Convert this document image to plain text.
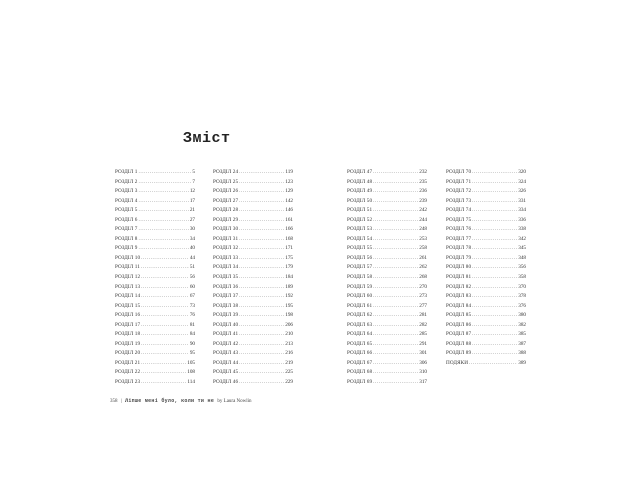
Зміст
РОЗДІЛ 1 .....	5
РОЗДІЛ 2 .....	7
РОЗДІЛ 3 .....	12
РОЗДІЛ 4 .....	17
РОЗДІЛ 5 .....	21
РОЗДІЛ 6 .....	27
РОЗДІЛ 7 .....	30
РОЗДІЛ 8 .....	34
РОЗДІЛ 9 .....	40
РОЗДІЛ 10 .....	44
РОЗДІЛ 11 .....	51
РОЗДІЛ 12 .....	56
РОЗДІЛ 13 .....	60
РОЗДІЛ 14 .....	67
РОЗДІЛ 15 .....	73
РОЗДІЛ 16 .....	76
РОЗДІЛ 17 .....	81
РОЗДІЛ 18 .....	84
РОЗДІЛ 19 .....	90
РОЗДІЛ 20 .....	95
РОЗДІЛ 21 .....	105
РОЗДІЛ 22 .....	108
РОЗДІЛ 23 .....	114
РОЗДІЛ 24 .....	119
РОЗДІЛ 25 .....	123
РОЗДІЛ 26 .....	129
РОЗДІЛ 27 .....	142
РОЗДІЛ 28 .....	146
РОЗДІЛ 29 .....	161
РОЗДІЛ 30 .....	166
РОЗДІЛ 31 .....	168
РОЗДІЛ 32 .....	171
РОЗДІЛ 33 .....	175
РОЗДІЛ 34 .....	179
РОЗДІЛ 35 .....	184
РОЗДІЛ 36 .....	189
РОЗДІЛ 37 .....	192
РОЗДІЛ 38 .....	195
РОЗДІЛ 39 .....	198
РОЗДІЛ 40 .....	206
РОЗДІЛ 41 .....	210
РОЗДІЛ 42 .....	213
РОЗДІЛ 43 .....	216
РОЗДІЛ 44 .....	219
РОЗДІЛ 45 .....	225
РОЗДІЛ 46 .....	229
РОЗДІЛ 47 .....	232
РОЗДІЛ 48 .....	235
РОЗДІЛ 49 .....	236
РОЗДІЛ 50 .....	239
РОЗДІЛ 51 .....	242
РОЗДІЛ 52 .....	244
РОЗДІЛ 53 .....	248
РОЗДІЛ 54 .....	253
РОЗДІЛ 55 .....	258
РОЗДІЛ 56 .....	261
РОЗДІЛ 57 .....	262
РОЗДІЛ 58 .....	268
РОЗДІЛ 59 .....	270
РОЗДІЛ 60 .....	273
РОЗДІЛ 61 .....	277
РОЗДІЛ 62 .....	281
РОЗДІЛ 63 .....	282
РОЗДІЛ 64 .....	285
РОЗДІЛ 65 .....	291
РОЗДІЛ 66 .....	301
РОЗДІЛ 67 .....	306
РОЗДІЛ 68 .....	310
РОЗДІЛ 69 .....	317
РОЗДІЛ 70 .....	320
РОЗДІЛ 71 .....	324
РОЗДІЛ 72 .....	326
РОЗДІЛ 73 .....	331
РОЗДІЛ 74 .....	334
РОЗДІЛ 75 .....	336
РОЗДІЛ 76 .....	338
РОЗДІЛ 77 .....	342
РОЗДІЛ 78 .....	345
РОЗДІЛ 79 .....	348
РОЗДІЛ 80 .....	356
РОЗДІЛ 81 .....	358
РОЗДІЛ 82 .....	370
РОЗДІЛ 83 .....	378
РОЗДІЛ 84 .....	376
РОЗДІЛ 85 .....	380
РОЗДІЛ 86 .....	382
РОЗДІЛ 87 .....	385
РОЗДІЛ 88 .....	387
РОЗДІЛ 89 .....	388
ПОДЯКИ .....	389
358 | Ліпше мені було, коли ти не by Laura Nowlin
